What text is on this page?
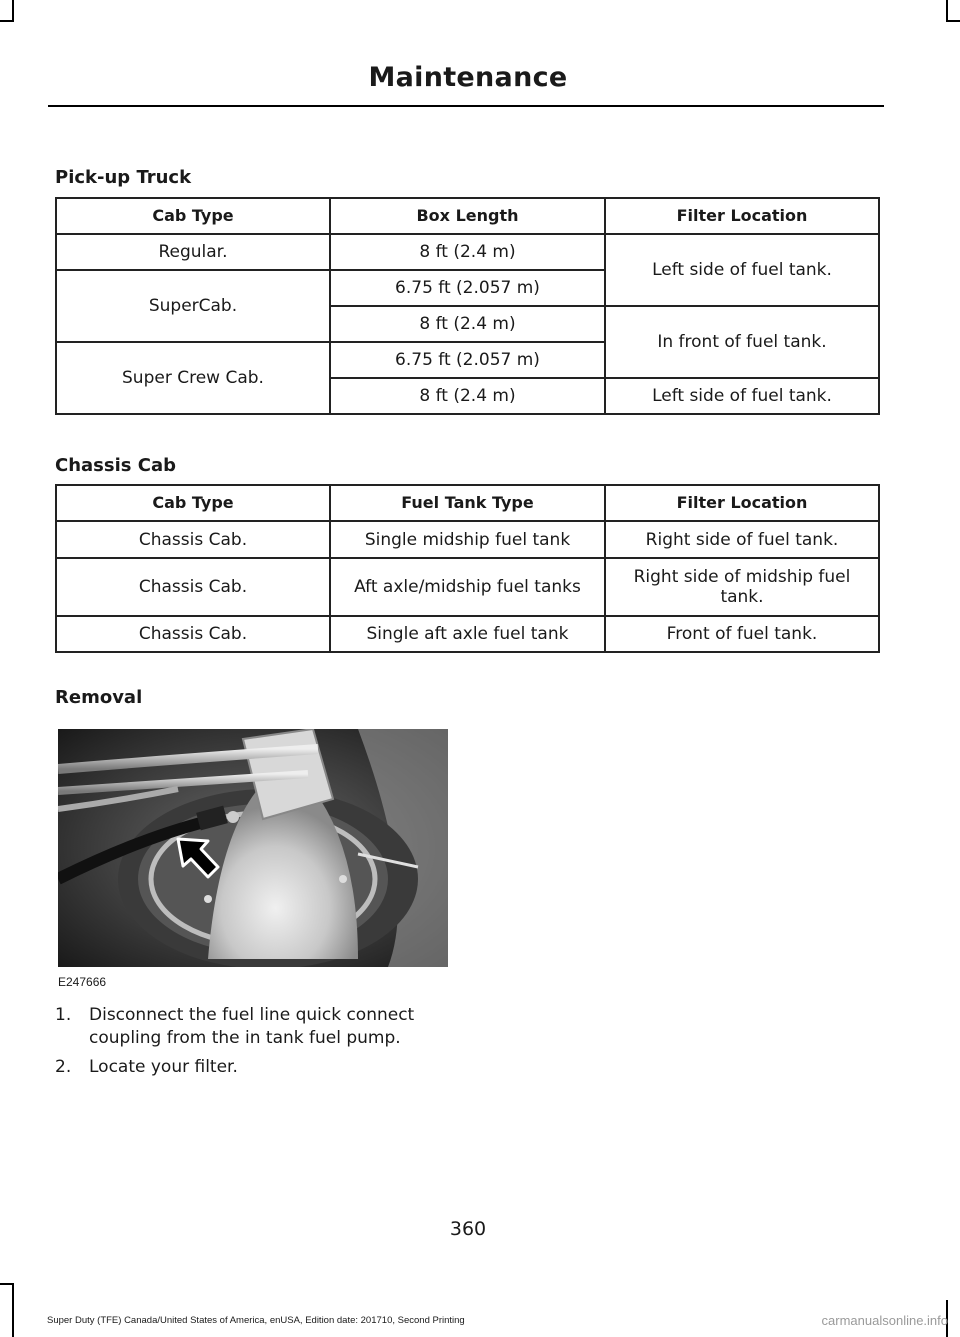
Maintenance
Pick-up Truck
Cab Type	Box Length	Filter Location
Regular.	8 ft (2.4 m)	Left side of fuel tank.
SuperCab.	6.75 ft (2.057 m)	
	8 ft (2.4 m)	In front of fuel tank.
Super Crew Cab.	6.75 ft (2.057 m)	
	8 ft (2.4 m)	Left side of fuel tank.
Chassis Cab
Cab Type	Fuel Tank Type	Filter Location
Chassis Cab.	Single midship fuel tank	Right side of fuel tank.
Chassis Cab.	Aft axle/midship fuel tanks	Right side of midship fuel tank.
Chassis Cab.	Single aft axle fuel tank	Front of fuel tank.
Removal
E247666
1.	Disconnect the fuel line quick connect coupling from the in tank fuel pump.
2.	Locate your filter.
360
Super Duty (TFE) Canada/United States of America, enUSA, Edition date: 201710, Second Printing	carmanualsonline.info
